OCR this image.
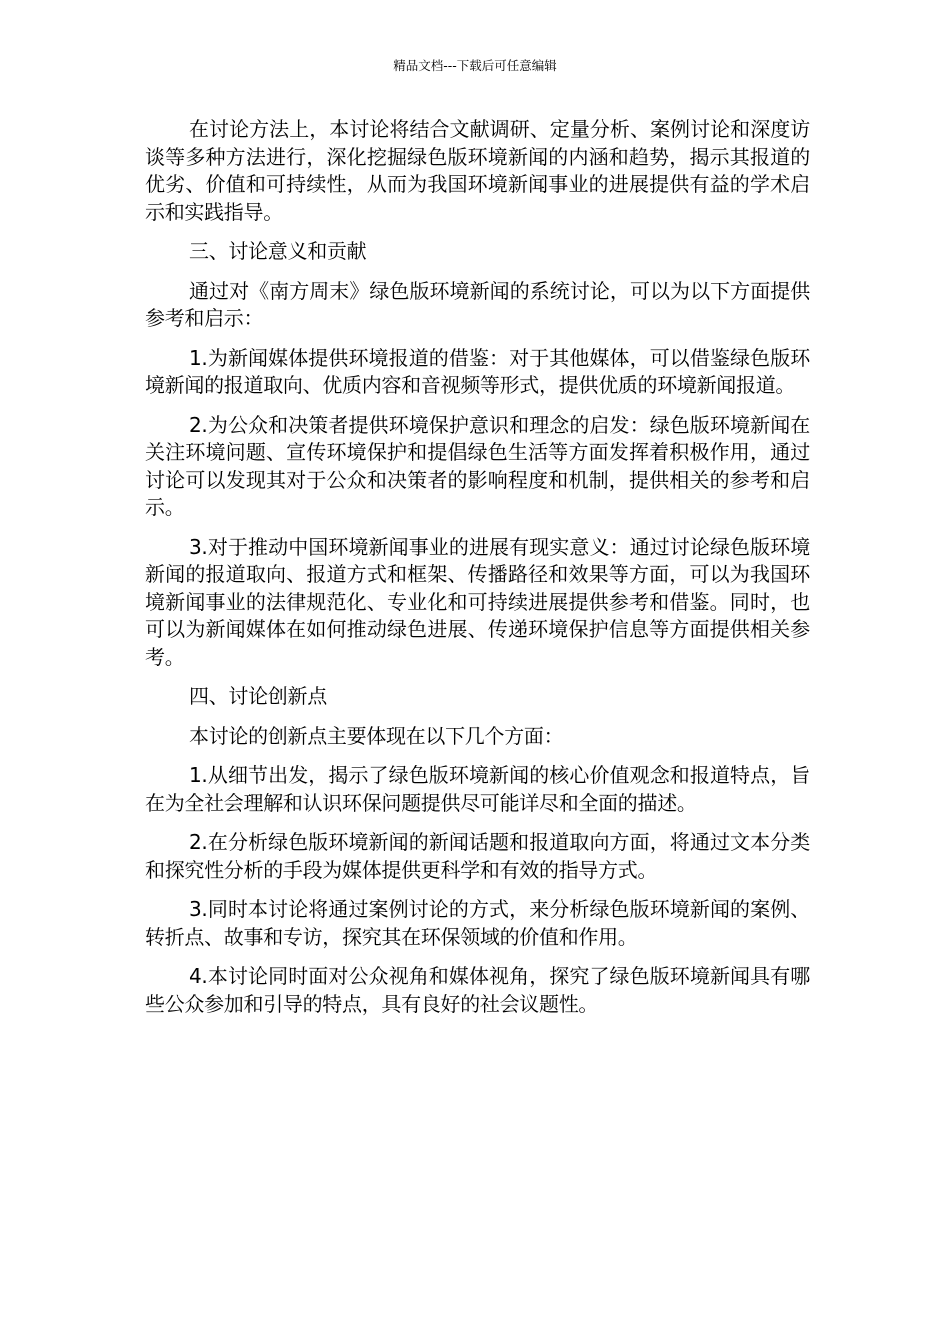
精品文档---下载后可任意编辑

在讨论方法上，本讨论将结合文献调研、定量分析、案例讨论和深度访谈等多种方法进行，深化挖掘绿色版环境新闻的内涵和趋势，揭示其报道的优劣、价值和可持续性，从而为我国环境新闻事业的进展提供有益的学术启示和实践指导。

三、讨论意义和贡献

通过对《南方周末》绿色版环境新闻的系统讨论，可以为以下方面提供参考和启示：

1.为新闻媒体提供环境报道的借鉴：对于其他媒体，可以借鉴绿色版环境新闻的报道取向、优质内容和音视频等形式，提供优质的环境新闻报道。

2.为公众和决策者提供环境保护意识和理念的启发：绿色版环境新闻在关注环境问题、宣传环境保护和提倡绿色生活等方面发挥着积极作用，通过讨论可以发现其对于公众和决策者的影响程度和机制，提供相关的参考和启示。

3.对于推动中国环境新闻事业的进展有现实意义：通过讨论绿色版环境新闻的报道取向、报道方式和框架、传播路径和效果等方面，可以为我国环境新闻事业的法律规范化、专业化和可持续进展提供参考和借鉴。同时，也可以为新闻媒体在如何推动绿色进展、传递环境保护信息等方面提供相关参考。

四、讨论创新点

本讨论的创新点主要体现在以下几个方面：

1.从细节出发，揭示了绿色版环境新闻的核心价值观念和报道特点，旨在为全社会理解和认识环保问题提供尽可能详尽和全面的描述。

2.在分析绿色版环境新闻的新闻话题和报道取向方面，将通过文本分类和探究性分析的手段为媒体提供更科学和有效的指导方式。

3.同时本讨论将通过案例讨论的方式，来分析绿色版环境新闻的案例、转折点、故事和专访，探究其在环保领域的价值和作用。

4.本讨论同时面对公众视角和媒体视角，探究了绿色版环境新闻具有哪些公众参加和引导的特点，具有良好的社会议题性。
